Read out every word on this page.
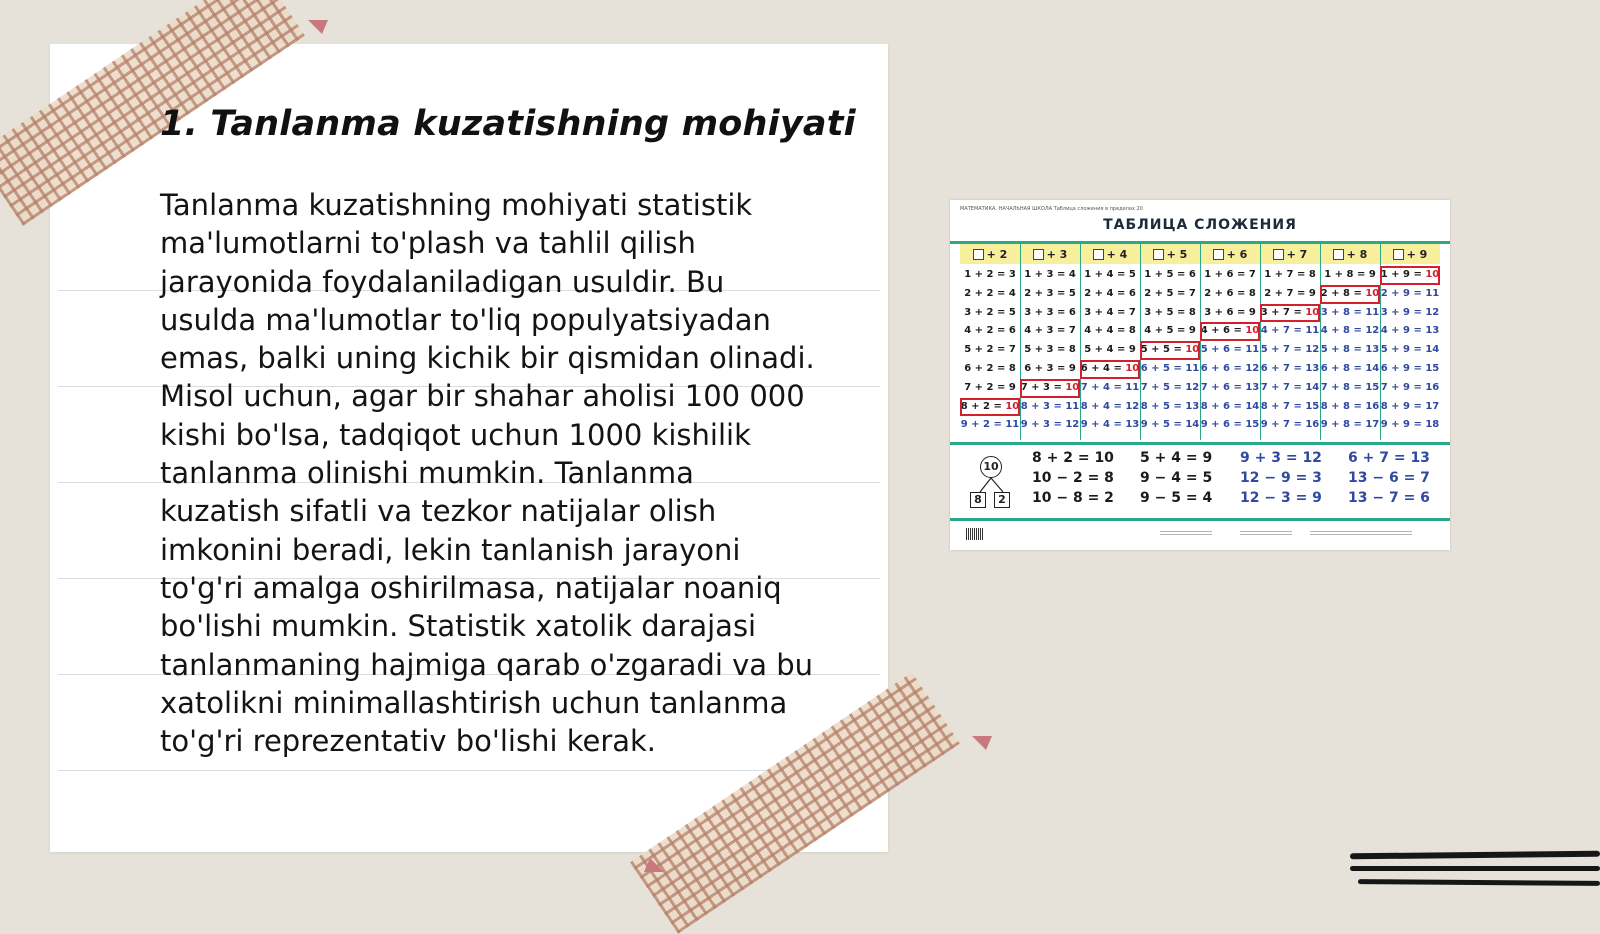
1. Tanlanma kuzatishning mohiyati
Tanlanma kuzatishning mohiyati statistik
ma'lumotlarni to'plash va tahlil qilish
jarayonida foydalaniladigan usuldir. Bu
usulda ma'lumotlar to'liq populyatsiyadan
emas, balki uning kichik bir qismidan olinadi.
Misol uchun, agar bir shahar aholisi 100 000
kishi bo'lsa, tadqiqot uchun 1000 kishilik
tanlanma olinishi mumkin. Tanlanma
kuzatish sifatli va tezkor natijalar olish
imkonini beradi, lekin tanlanish jarayoni
to'g'ri amalga oshirilmasa, natijalar noaniq
bo'lishi mumkin. Statistik xatolik darajasi
tanlanmaning hajmiga qarab o'zgaradi va bu
xatolikni minimallashtirish uchun tanlanma
to'g'ri reprezentativ bo'lishi kerak.
МАТЕМАТИКА. НАЧАЛЬНАЯ ШКОЛА Таблица сложения в пределах 20
ТАБЛИЦА СЛОЖЕНИЯ
10
8	2
+ 2
1 + 2 = 3
2 + 2 = 4
3 + 2 = 5
4 + 2 = 6
5 + 2 = 7
6 + 2 = 8
7 + 2 = 9
8 + 2 = 10
9 + 2 = 11
+ 3
1 + 3 = 4
2 + 3 = 5
3 + 3 = 6
4 + 3 = 7
5 + 3 = 8
6 + 3 = 9
7 + 3 = 10
8 + 3 = 11
9 + 3 = 12
+ 4
1 + 4 = 5
2 + 4 = 6
3 + 4 = 7
4 + 4 = 8
5 + 4 = 9
6 + 4 = 10
7 + 4 = 11
8 + 4 = 12
9 + 4 = 13
+ 5
1 + 5 = 6
2 + 5 = 7
3 + 5 = 8
4 + 5 = 9
5 + 5 = 10
6 + 5 = 11
7 + 5 = 12
8 + 5 = 13
9 + 5 = 14
+ 6
1 + 6 = 7
2 + 6 = 8
3 + 6 = 9
4 + 6 = 10
5 + 6 = 11
6 + 6 = 12
7 + 6 = 13
8 + 6 = 14
9 + 6 = 15
+ 7
1 + 7 = 8
2 + 7 = 9
3 + 7 = 10
4 + 7 = 11
5 + 7 = 12
6 + 7 = 13
7 + 7 = 14
8 + 7 = 15
9 + 7 = 16
+ 8
1 + 8 = 9
2 + 8 = 10
3 + 8 = 11
4 + 8 = 12
5 + 8 = 13
6 + 8 = 14
7 + 8 = 15
8 + 8 = 16
9 + 8 = 17
+ 9
1 + 9 = 10
2 + 9 = 11
3 + 9 = 12
4 + 9 = 13
5 + 9 = 14
6 + 9 = 15
7 + 9 = 16
8 + 9 = 17
9 + 9 = 18
8 + 2 = 10
10 − 2 = 8
10 − 8 = 2
5 + 4 = 9
9 − 4 = 5
9 − 5 = 4
9 + 3 = 12
12 − 9 = 3
12 − 3 = 9
6 + 7 = 13
13 − 6 = 7
13 − 7 = 6
